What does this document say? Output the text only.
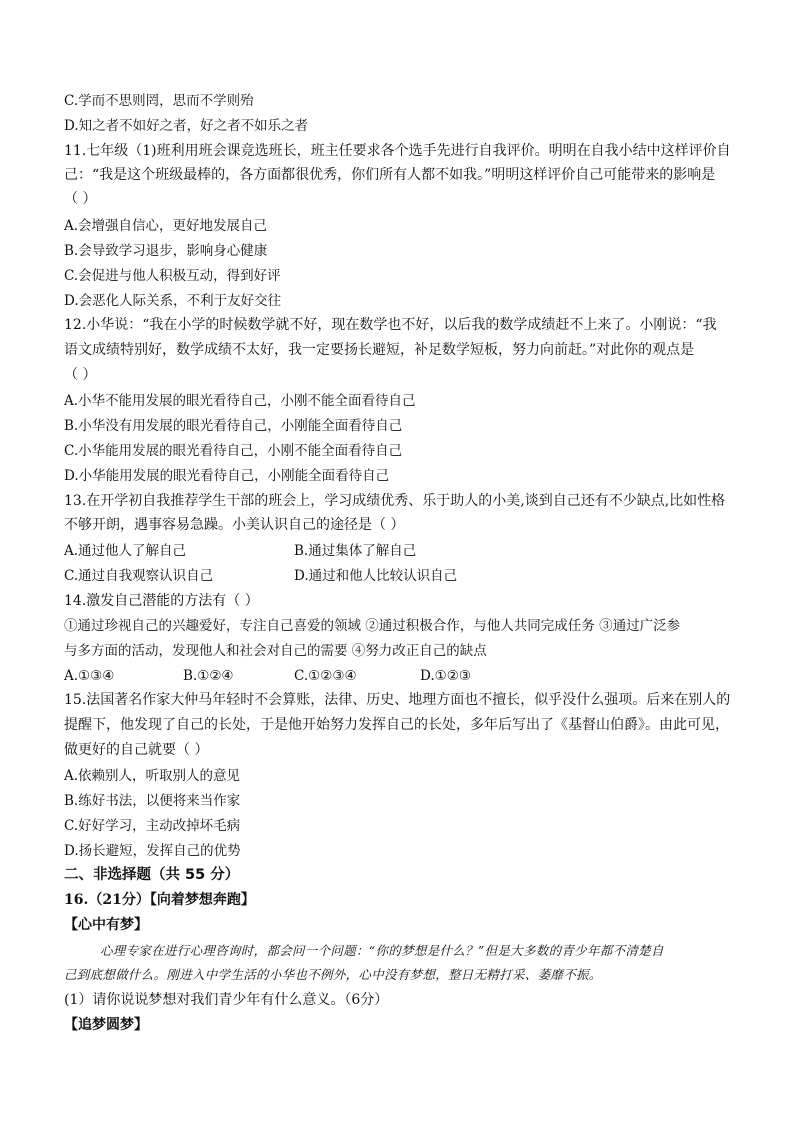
C.学而不思则罔，思而不学则殆
D.知之者不如好之者，好之者不如乐之者
11.七年级（1)班利用班会课竞选班长，班主任要求各个选手先进行自我评价。明明在自我小结中这样评价自
己：“我是这个班级最棒的，各方面都很优秀，你们所有人都不如我。”明明这样评价自己可能带来的影响是
（ ）
A.会增强自信心，更好地发展自己
B.会导致学习退步，影响身心健康
C.会促进与他人积极互动，得到好评
D.会恶化人际关系，不利于友好交往
12.小华说：“我在小学的时候数学就不好，现在数学也不好，以后我的数学成绩赶不上来了。小刚说：“我
语文成绩特别好，数学成绩不太好，我一定要扬长避短，补足数学短板，努力向前赶。”对此你的观点是
（ ）
A.小华不能用发展的眼光看待自己，小刚不能全面看待自己
B.小华没有用发展的眼光看待自己，小刚能全面看待自己
C.小华能用发展的眼光看待自己，小刚不能全面看待自己
D.小华能用发展的眼光看待自己，小刚能全面看待自己
13.在开学初自我推荐学生干部的班会上，学习成绩优秀、乐于助人的小美,谈到自己还有不少缺点,比如性格
不够开朗，遇事容易急躁。小美认识自己的途径是（ ）
A.通过他人了解自己	B.通过集体了解自己
C.通过自我观察认识自己	D.通过和他人比较认识自己
14.激发自己潜能的方法有（ ）
①通过珍视自己的兴趣爱好，专注自己喜爱的领域 ②通过积极合作，与他人共同完成任务 ③通过广泛参
与多方面的活动，发现他人和社会对自己的需要 ④努力改正自己的缺点
A.①③④	B.①②④	C.①②③④	D.①②③
15.法国著名作家大仲马年轻时不会算账，法律、历史、地理方面也不擅长，似乎没什么强项。后来在别人的
提醒下，他发现了自己的长处，于是他开始努力发挥自己的长处，多年后写出了《基督山伯爵》。由此可见，
做更好的自己就要（ ）
A.依赖别人，听取别人的意见
B.练好书法，以便将来当作家
C.好好学习，主动改掉坏毛病
D.扬长避短，发挥自己的优势
二、非选择题（共 55 分）
16.（21分）【向着梦想奔跑】
【心中有梦】
心理专家在进行心理咨询时，都会问一个问题：“你的梦想是什么？”但是大多数的青少年都不清楚自
己到底想做什么。刚进入中学生活的小华也不例外，心中没有梦想，整日无精打采、萎靡不振。
(1）请你说说梦想对我们青少年有什么意义。（6分）
【追梦圆梦】
